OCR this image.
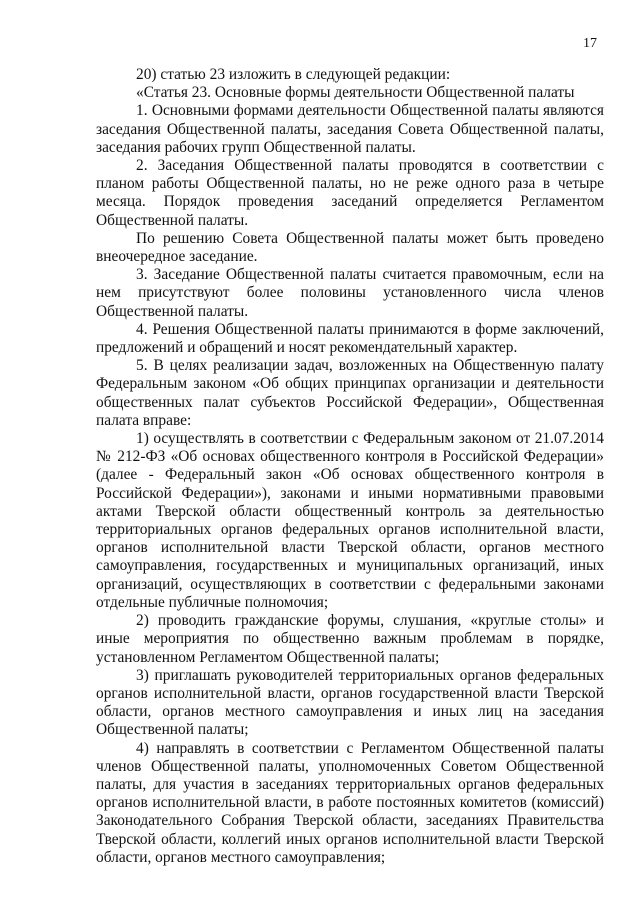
17

20) статью 23 изложить в следующей редакции:

«Статья 23. Основные формы деятельности Общественной палаты

1. Основными формами деятельности Общественной палаты являются заседания Общественной палаты, заседания Совета Общественной палаты, заседания рабочих групп Общественной палаты.

2. Заседания Общественной палаты проводятся в соответствии с планом работы Общественной палаты, но не реже одного раза в четыре месяца. Порядок проведения заседаний определяется Регламентом Общественной палаты.

По решению Совета Общественной палаты может быть проведено внеочередное заседание.

3. Заседание Общественной палаты считается правомочным, если на нем присутствуют более половины установленного числа членов Общественной палаты.

4. Решения Общественной палаты принимаются в форме заключений, предложений и обращений и носят рекомендательный характер.

5. В целях реализации задач, возложенных на Общественную палату Федеральным законом «Об общих принципах организации и деятельности общественных палат субъектов Российской Федерации», Общественная палата вправе:

1) осуществлять в соответствии с Федеральным законом от 21.07.2014 № 212-ФЗ «Об основах общественного контроля в Российской Федерации» (далее - Федеральный закон «Об основах общественного контроля в Российской Федерации»), законами и иными нормативными правовыми актами Тверской области общественный контроль за деятельностью территориальных органов федеральных органов исполнительной власти, органов исполнительной власти Тверской области, органов местного самоуправления, государственных и муниципальных организаций, иных организаций, осуществляющих в соответствии с федеральными законами отдельные публичные полномочия;

2) проводить гражданские форумы, слушания, «круглые столы» и иные мероприятия по общественно важным проблемам в порядке, установленном Регламентом Общественной палаты;

3) приглашать руководителей территориальных органов федеральных органов исполнительной власти, органов государственной власти Тверской области, органов местного самоуправления и иных лиц на заседания Общественной палаты;

4) направлять в соответствии с Регламентом Общественной палаты членов Общественной палаты, уполномоченных Советом Общественной палаты, для участия в заседаниях территориальных органов федеральных органов исполнительной власти, в работе постоянных комитетов (комиссий) Законодательного Собрания Тверской области, заседаниях Правительства Тверской области, коллегий иных органов исполнительной власти Тверской области, органов местного самоуправления;
